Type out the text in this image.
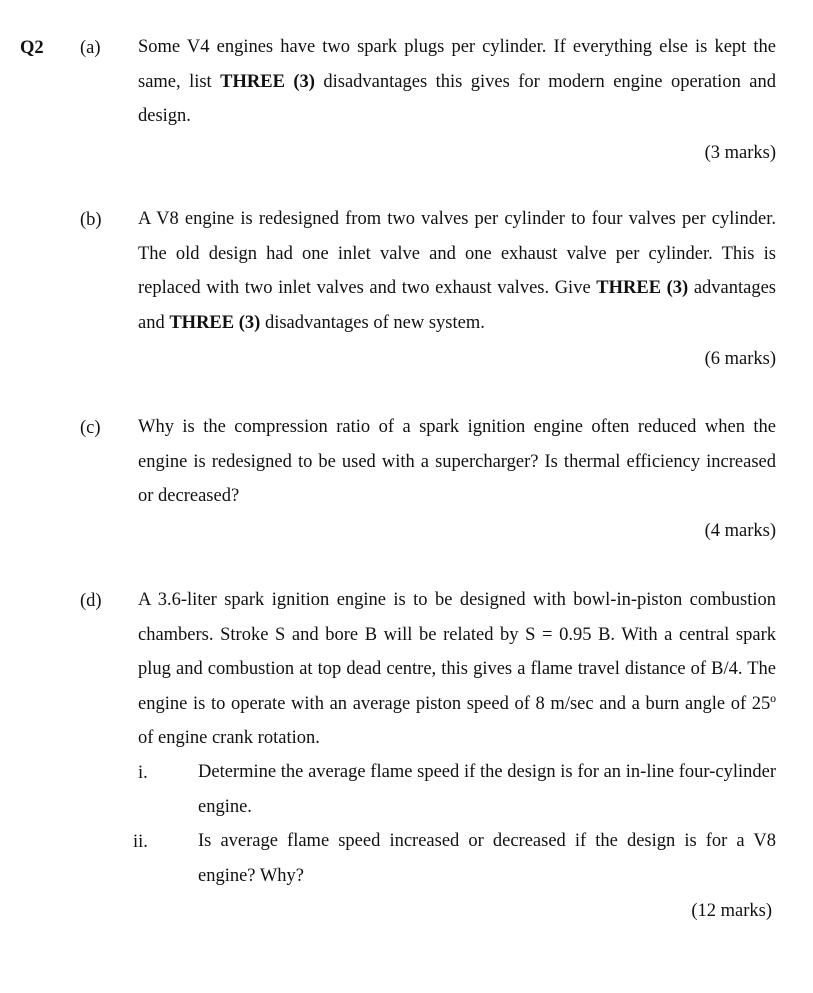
Q2 (a) Some V4 engines have two spark plugs per cylinder. If everything else is kept the same, list THREE (3) disadvantages this gives for modern engine operation and design.
(3 marks)
(b) A V8 engine is redesigned from two valves per cylinder to four valves per cylinder. The old design had one inlet valve and one exhaust valve per cylinder. This is replaced with two inlet valves and two exhaust valves. Give THREE (3) advantages and THREE (3) disadvantages of new system.
(6 marks)
(c) Why is the compression ratio of a spark ignition engine often reduced when the engine is redesigned to be used with a supercharger? Is thermal efficiency increased or decreased?
(4 marks)
(d) A 3.6-liter spark ignition engine is to be designed with bowl-in-piston combustion chambers. Stroke S and bore B will be related by S = 0.95 B. With a central spark plug and combustion at top dead centre, this gives a flame travel distance of B/4. The engine is to operate with an average piston speed of 8 m/sec and a burn angle of 25º of engine crank rotation.
i.	Determine the average flame speed if the design is for an in-line four-cylinder engine.
ii.	Is average flame speed increased or decreased if the design is for a V8 engine? Why?
(12 marks)
